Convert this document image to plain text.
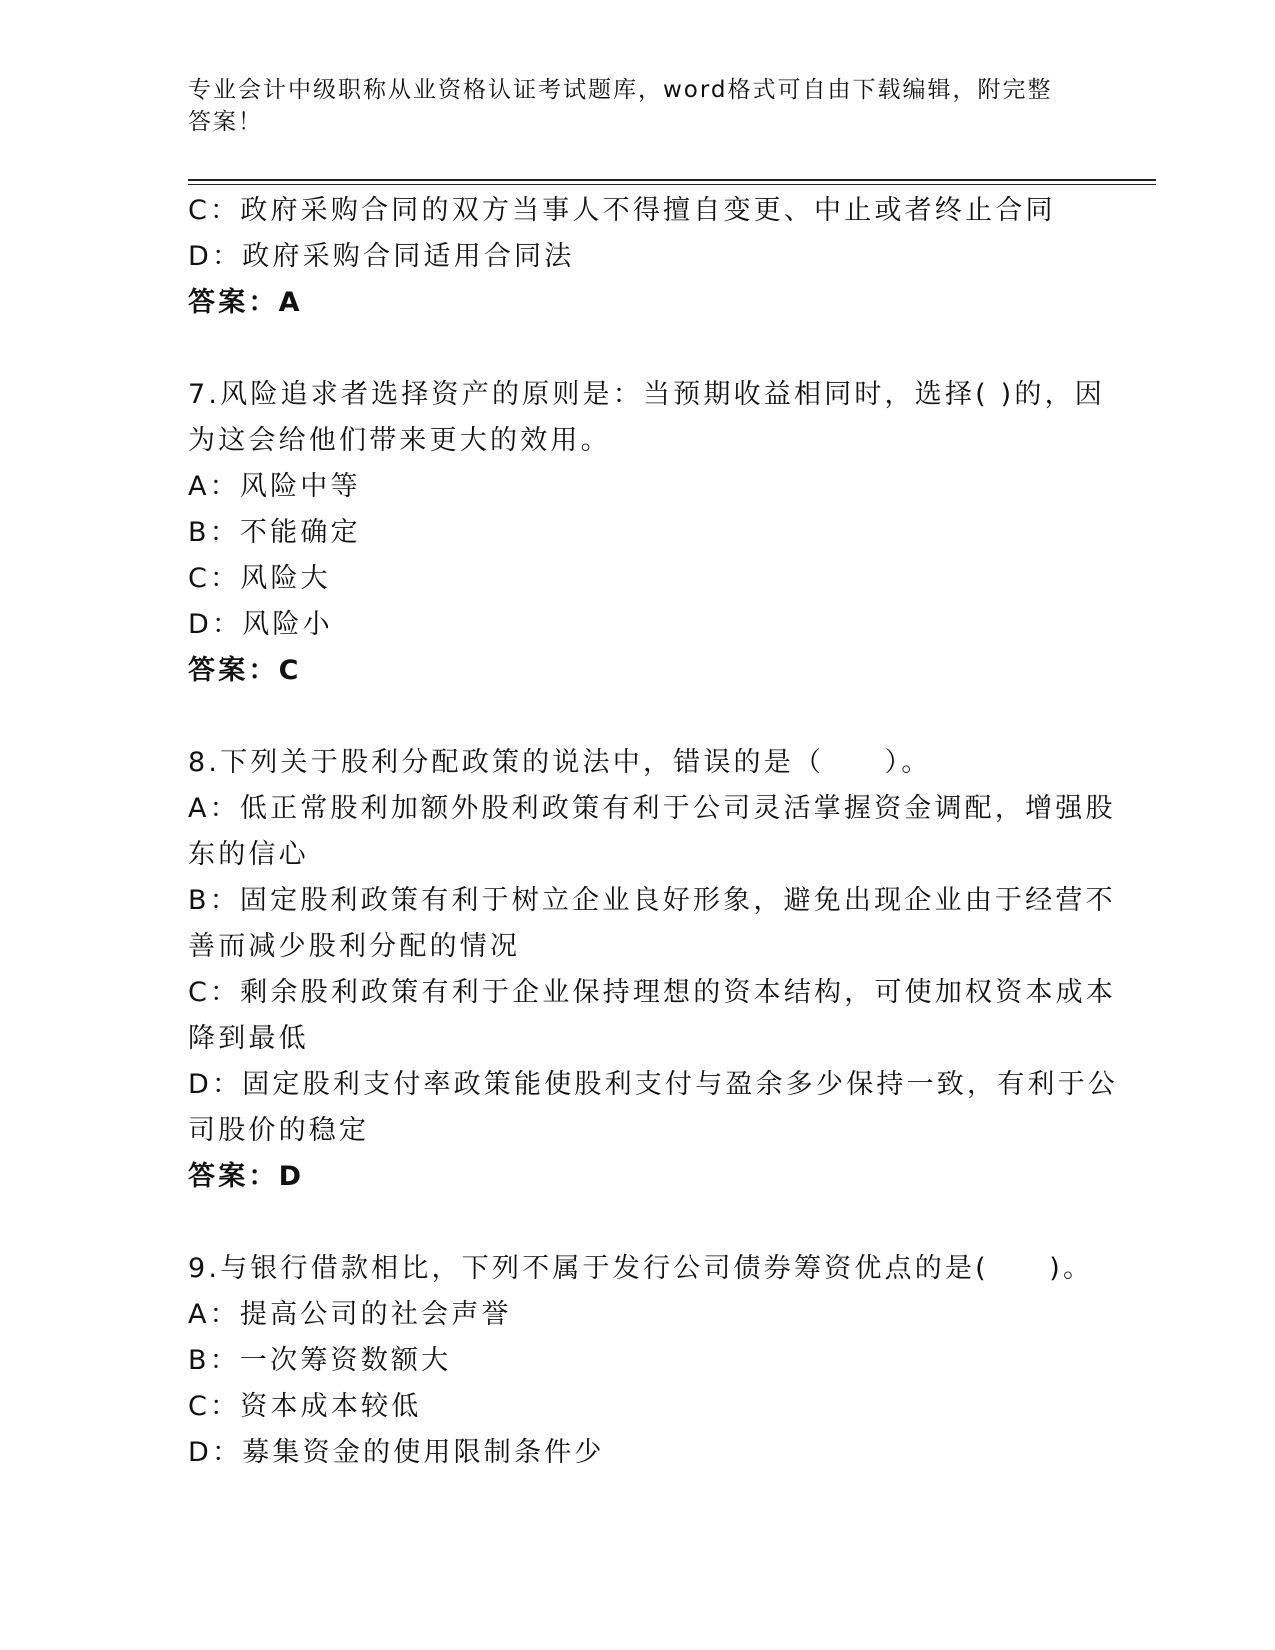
专业会计中级职称从业资格认证考试题库，word格式可自由下载编辑，附完整答案！
C：政府采购合同的双方当事人不得擅自变更、中止或者终止合同
D：政府采购合同适用合同法
答案：A
7.风险追求者选择资产的原则是：当预期收益相同时，选择( )的，因
为这会给他们带来更大的效用。
A：风险中等
B：不能确定
C：风险大
D：风险小
答案：C
8.下列关于股利分配政策的说法中，错误的是（　　）。
A：低正常股利加额外股利政策有利于公司灵活掌握资金调配，增强股
东的信心
B：固定股利政策有利于树立企业良好形象，避免出现企业由于经营不
善而减少股利分配的情况
C：剩余股利政策有利于企业保持理想的资本结构，可使加权资本成本
降到最低
D：固定股利支付率政策能使股利支付与盈余多少保持一致，有利于公
司股价的稳定
答案：D
9.与银行借款相比，下列不属于发行公司债券筹资优点的是(　　)。
A：提高公司的社会声誉
B：一次筹资数额大
C：资本成本较低
D：募集资金的使用限制条件少
